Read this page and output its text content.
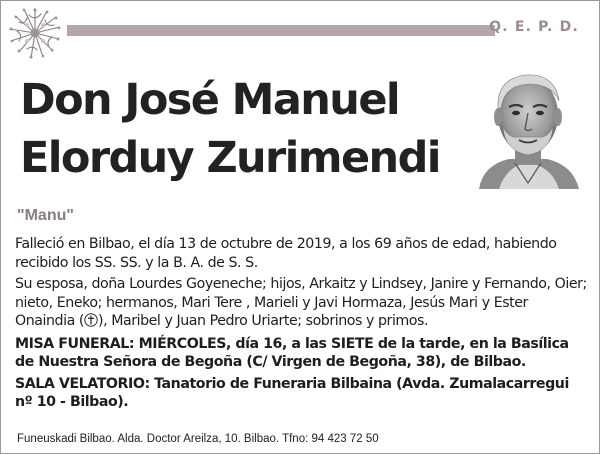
Q. E. P. D.
Don José Manuel
Elorduy Zurimendi
"Manu"

Falleció en Bilbao, el día 13 de octubre de 2019, a los 69 años de edad, habiendo recibido los SS. SS. y la B. A. de S. S.

Su esposa, doña Lourdes Goyeneche; hijos, Arkaitz y Lindsey, Janire y Fernando, Oier; nieto, Eneko; hermanos, Mari Tere , Marieli y Javi Hormaza, Jesús Mari y Ester Onaindia ( ), Maribel y Juan Pedro Uriarte; sobrinos y primos.

MISA FUNERAL: MIÉRCOLES, día 16, a las SIETE de la tarde, en la Basílica de Nuestra Señora de Begoña (C/ Virgen de Begoña, 38), de Bilbao.

SALA VELATORIO: Tanatorio de Funeraria Bilbaina (Avda. Zumalacarregui nº 10 - Bilbao).

Funeuskadi Bilbao. Alda. Doctor Areilza, 10. Bilbao. Tfno: 94 423 72 50
